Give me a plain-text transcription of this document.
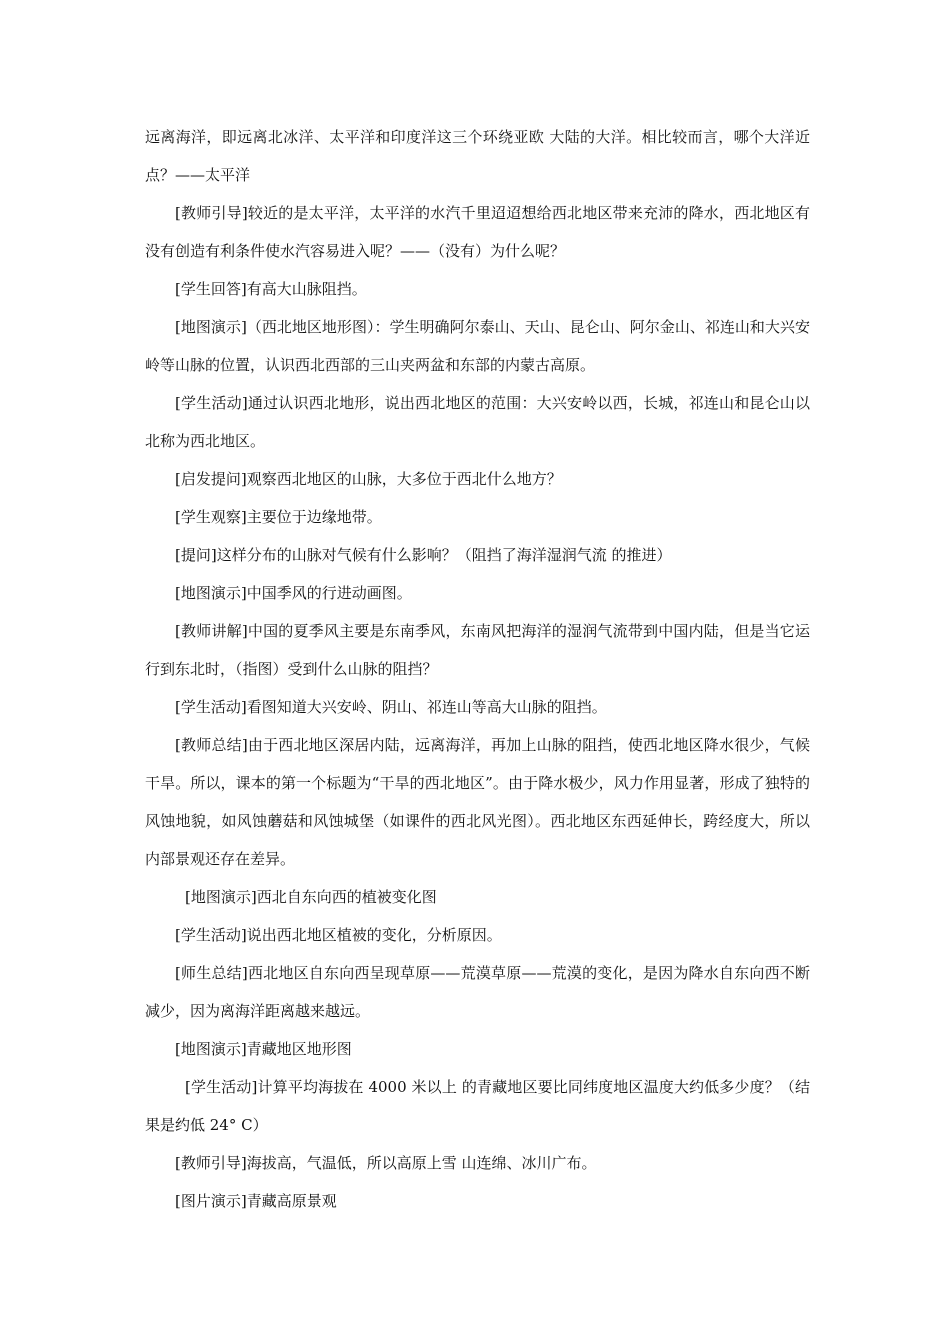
远离海洋，即远离北冰洋、太平洋和印度洋这三个环绕亚欧 大陆的大洋。相比较而言，哪个大洋近点？——太平洋

[教师引导]较近的是太平洋，太平洋的水汽千里迢迢想给西北地区带来充沛的降水，西北地区有没有创造有利条件使水汽容易进入呢？——（没有）为什么呢？

[学生回答]有高大山脉阻挡。

[地图演示]（西北地区地形图）：学生明确阿尔泰山、天山、昆仑山、阿尔金山、祁连山和大兴安岭等山脉的位置，认识西北西部的三山夹两盆和东部的内蒙古高原。

[学生活动]通过认识西北地形，说出西北地区的范围：大兴安岭以西，长城，祁连山和昆仑山以北称为西北地区。

[启发提问]观察西北地区的山脉，大多位于西北什么地方？

[学生观察]主要位于边缘地带。

[提问]这样分布的山脉对气候有什么影响？（阻挡了海洋湿润气流 的推进）

[地图演示]中国季风的行进动画图。

[教师讲解]中国的夏季风主要是东南季风，东南风把海洋的湿润气流带到中国内陆，但是当它运行到东北时，（指图）受到什么山脉的阻挡？

[学生活动]看图知道大兴安岭、阴山、祁连山等高大山脉的阻挡。

[教师总结]由于西北地区深居内陆，远离海洋，再加上山脉的阻挡，使西北地区降水很少，气候干旱。所以，课本的第一个标题为“干旱的西北地区”。由于降水极少，风力作用显著，形成了独特的风蚀地貌，如风蚀蘑菇和风蚀城堡（如课件的西北风光图）。西北地区东西延伸长，跨经度大，所以内部景观还存在差异。

[地图演示]西北自东向西的植被变化图

[学生活动]说出西北地区植被的变化，分析原因。

[师生总结]西北地区自东向西呈现草原——荒漠草原——荒漠的变化，是因为降水自东向西不断减少，因为离海洋距离越来越远。

[地图演示]青藏地区地形图

[学生活动]计算平均海拔在 4000 米以上 的青藏地区要比同纬度地区温度大约低多少度？（结果是约低 24° C）

[教师引导]海拔高，气温低，所以高原上雪 山连绵、冰川广布。

[图片演示]青藏高原景观
